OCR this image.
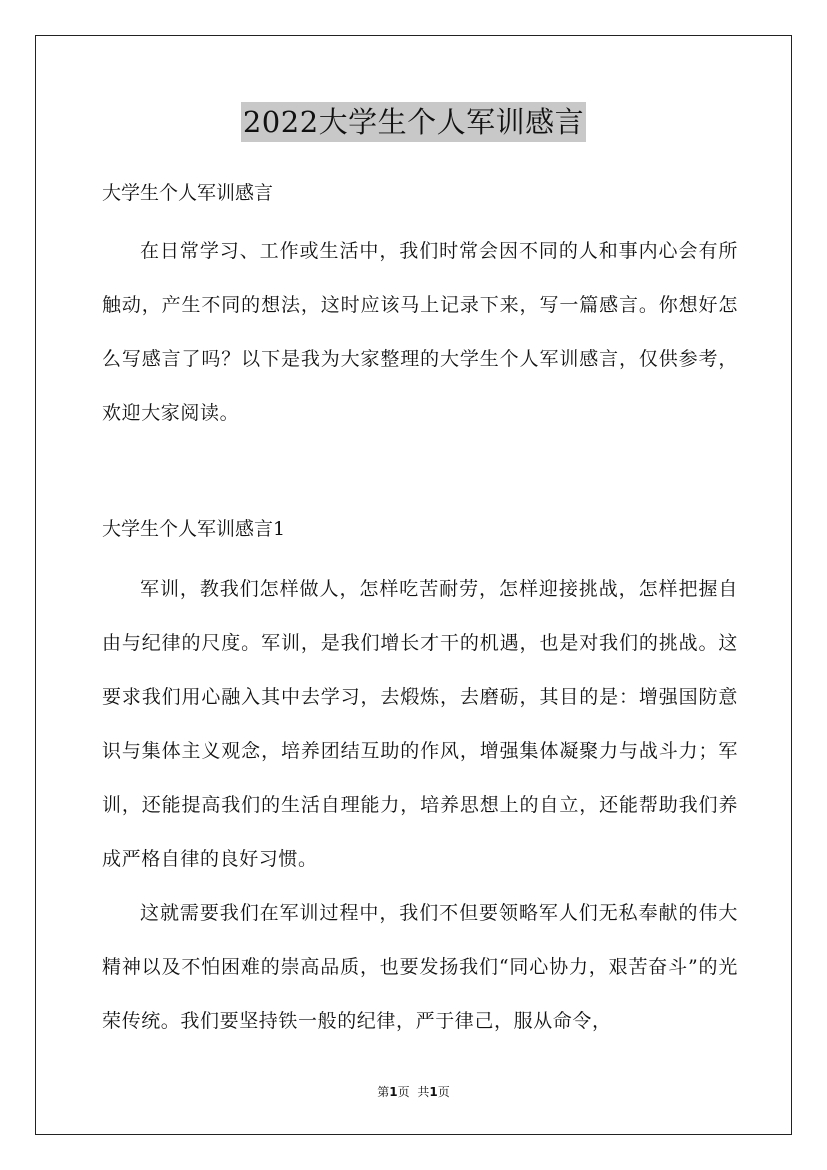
2022大学生个人军训感言

大学生个人军训感言

在日常学习、工作或生活中，我们时常会因不同的人和事内心会有所触动，产生不同的想法，这时应该马上记录下来，写一篇感言。你想好怎么写感言了吗？以下是我为大家整理的大学生个人军训感言，仅供参考，欢迎大家阅读。

大学生个人军训感言1

军训，教我们怎样做人，怎样吃苦耐劳，怎样迎接挑战，怎样把握自由与纪律的尺度。军训，是我们增长才干的机遇，也是对我们的挑战。这要求我们用心融入其中去学习，去煅炼，去磨砺，其目的是：增强国防意识与集体主义观念，培养团结互助的作风，增强集体凝聚力与战斗力；军训，还能提高我们的生活自理能力，培养思想上的自立，还能帮助我们养成严格自律的良好习惯。

这就需要我们在军训过程中，我们不但要领略军人们无私奉献的伟大精神以及不怕困难的崇高品质，也要发扬我们“同心协力，艰苦奋斗”的光荣传统。我们要坚持铁一般的纪律，严于律己，服从命令，

第1页 共1页
